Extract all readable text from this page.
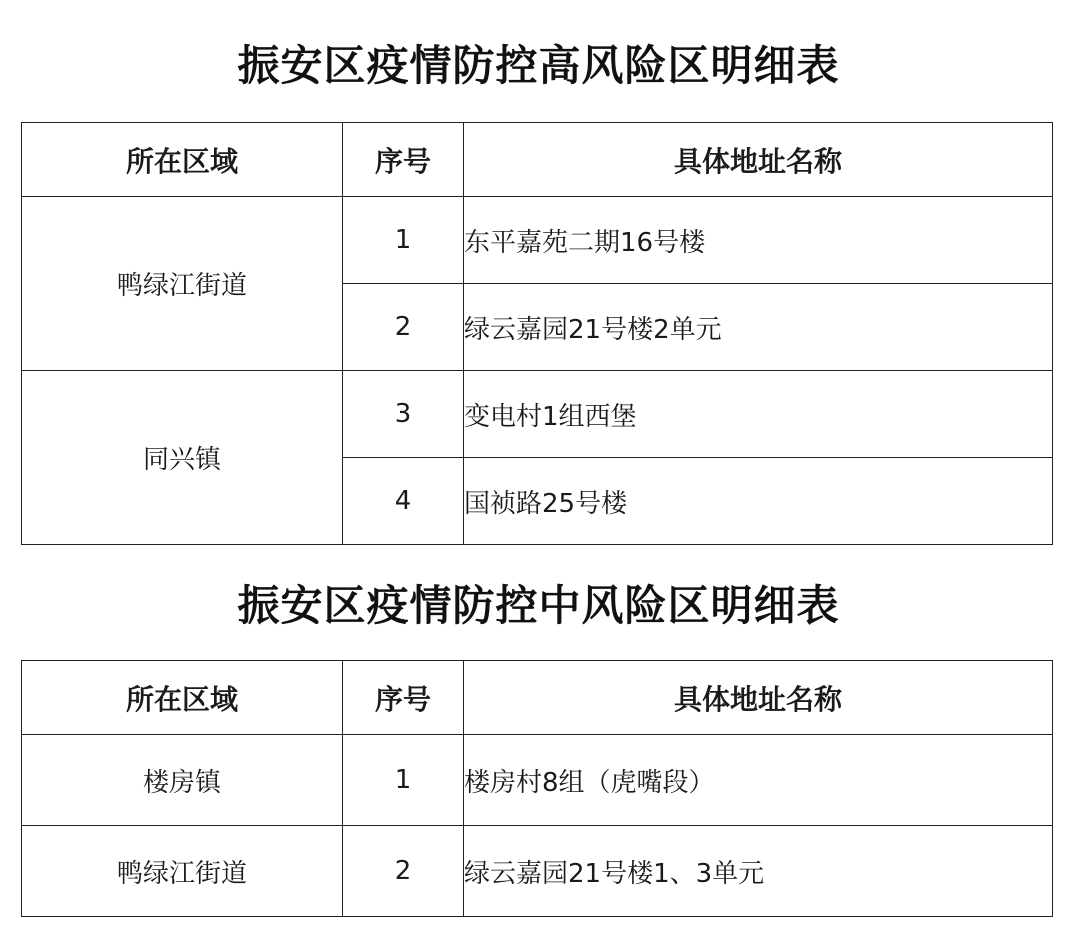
振安区疫情防控高风险区明细表
所在区域	序号	具体地址名称
鸭绿江街道	1	东平嘉苑二期16号楼
	2	绿云嘉园21号楼2单元
同兴镇	3	变电村1组西堡
	4	国祯路25号楼
振安区疫情防控中风险区明细表
所在区域	序号	具体地址名称
楼房镇	1	楼房村8组（虎嘴段）
鸭绿江街道	2	绿云嘉园21号楼1、3单元
